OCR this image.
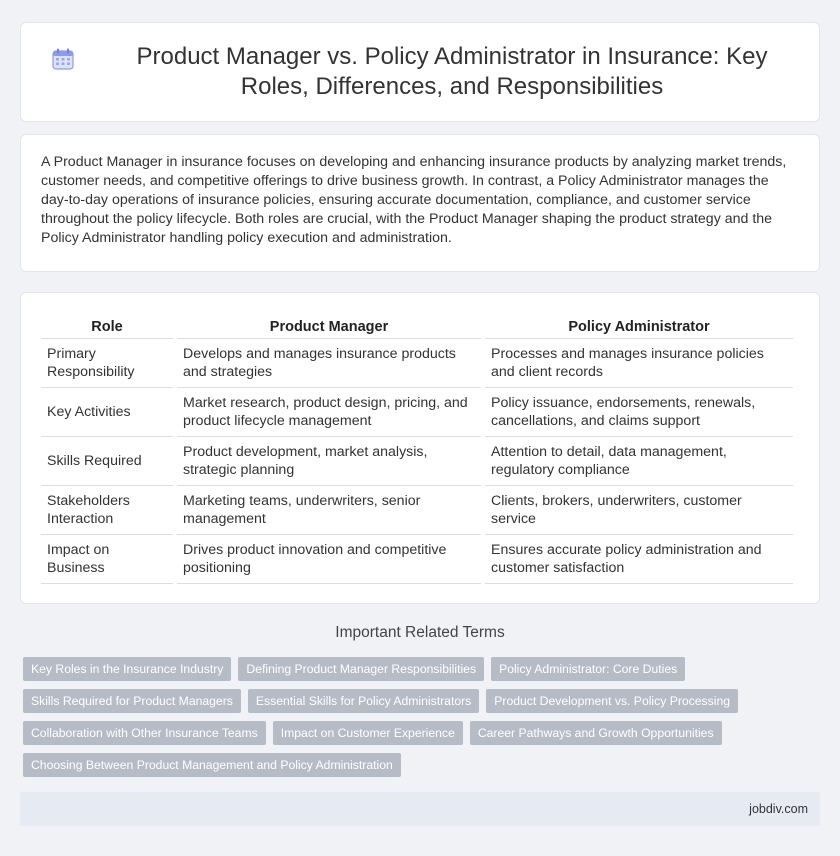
Product Manager vs. Policy Administrator in Insurance: Key Roles, Differences, and Responsibilities

A Product Manager in insurance focuses on developing and enhancing insurance products by analyzing market trends, customer needs, and competitive offerings to drive business growth. In contrast, a Policy Administrator manages the day-to-day operations of insurance policies, ensuring accurate documentation, compliance, and customer service throughout the policy lifecycle. Both roles are crucial, with the Product Manager shaping the product strategy and the Policy Administrator handling policy execution and administration.

Role	Product Manager	Policy Administrator
Primary Responsibility	Develops and manages insurance products and strategies	Processes and manages insurance policies and client records
Key Activities	Market research, product design, pricing, and product lifecycle management	Policy issuance, endorsements, renewals, cancellations, and claims support
Skills Required	Product development, market analysis, strategic planning	Attention to detail, data management, regulatory compliance
Stakeholders Interaction	Marketing teams, underwriters, senior management	Clients, brokers, underwriters, customer service
Impact on Business	Drives product innovation and competitive positioning	Ensures accurate policy administration and customer satisfaction
Important Related Terms
Key Roles in the Insurance Industry	Defining Product Manager Responsibilities	Policy Administrator: Core Duties
Skills Required for Product Managers	Essential Skills for Policy Administrators	Product Development vs. Policy Processing
Collaboration with Other Insurance Teams	Impact on Customer Experience	Career Pathways and Growth Opportunities
Choosing Between Product Management and Policy Administration
jobdiv.com
